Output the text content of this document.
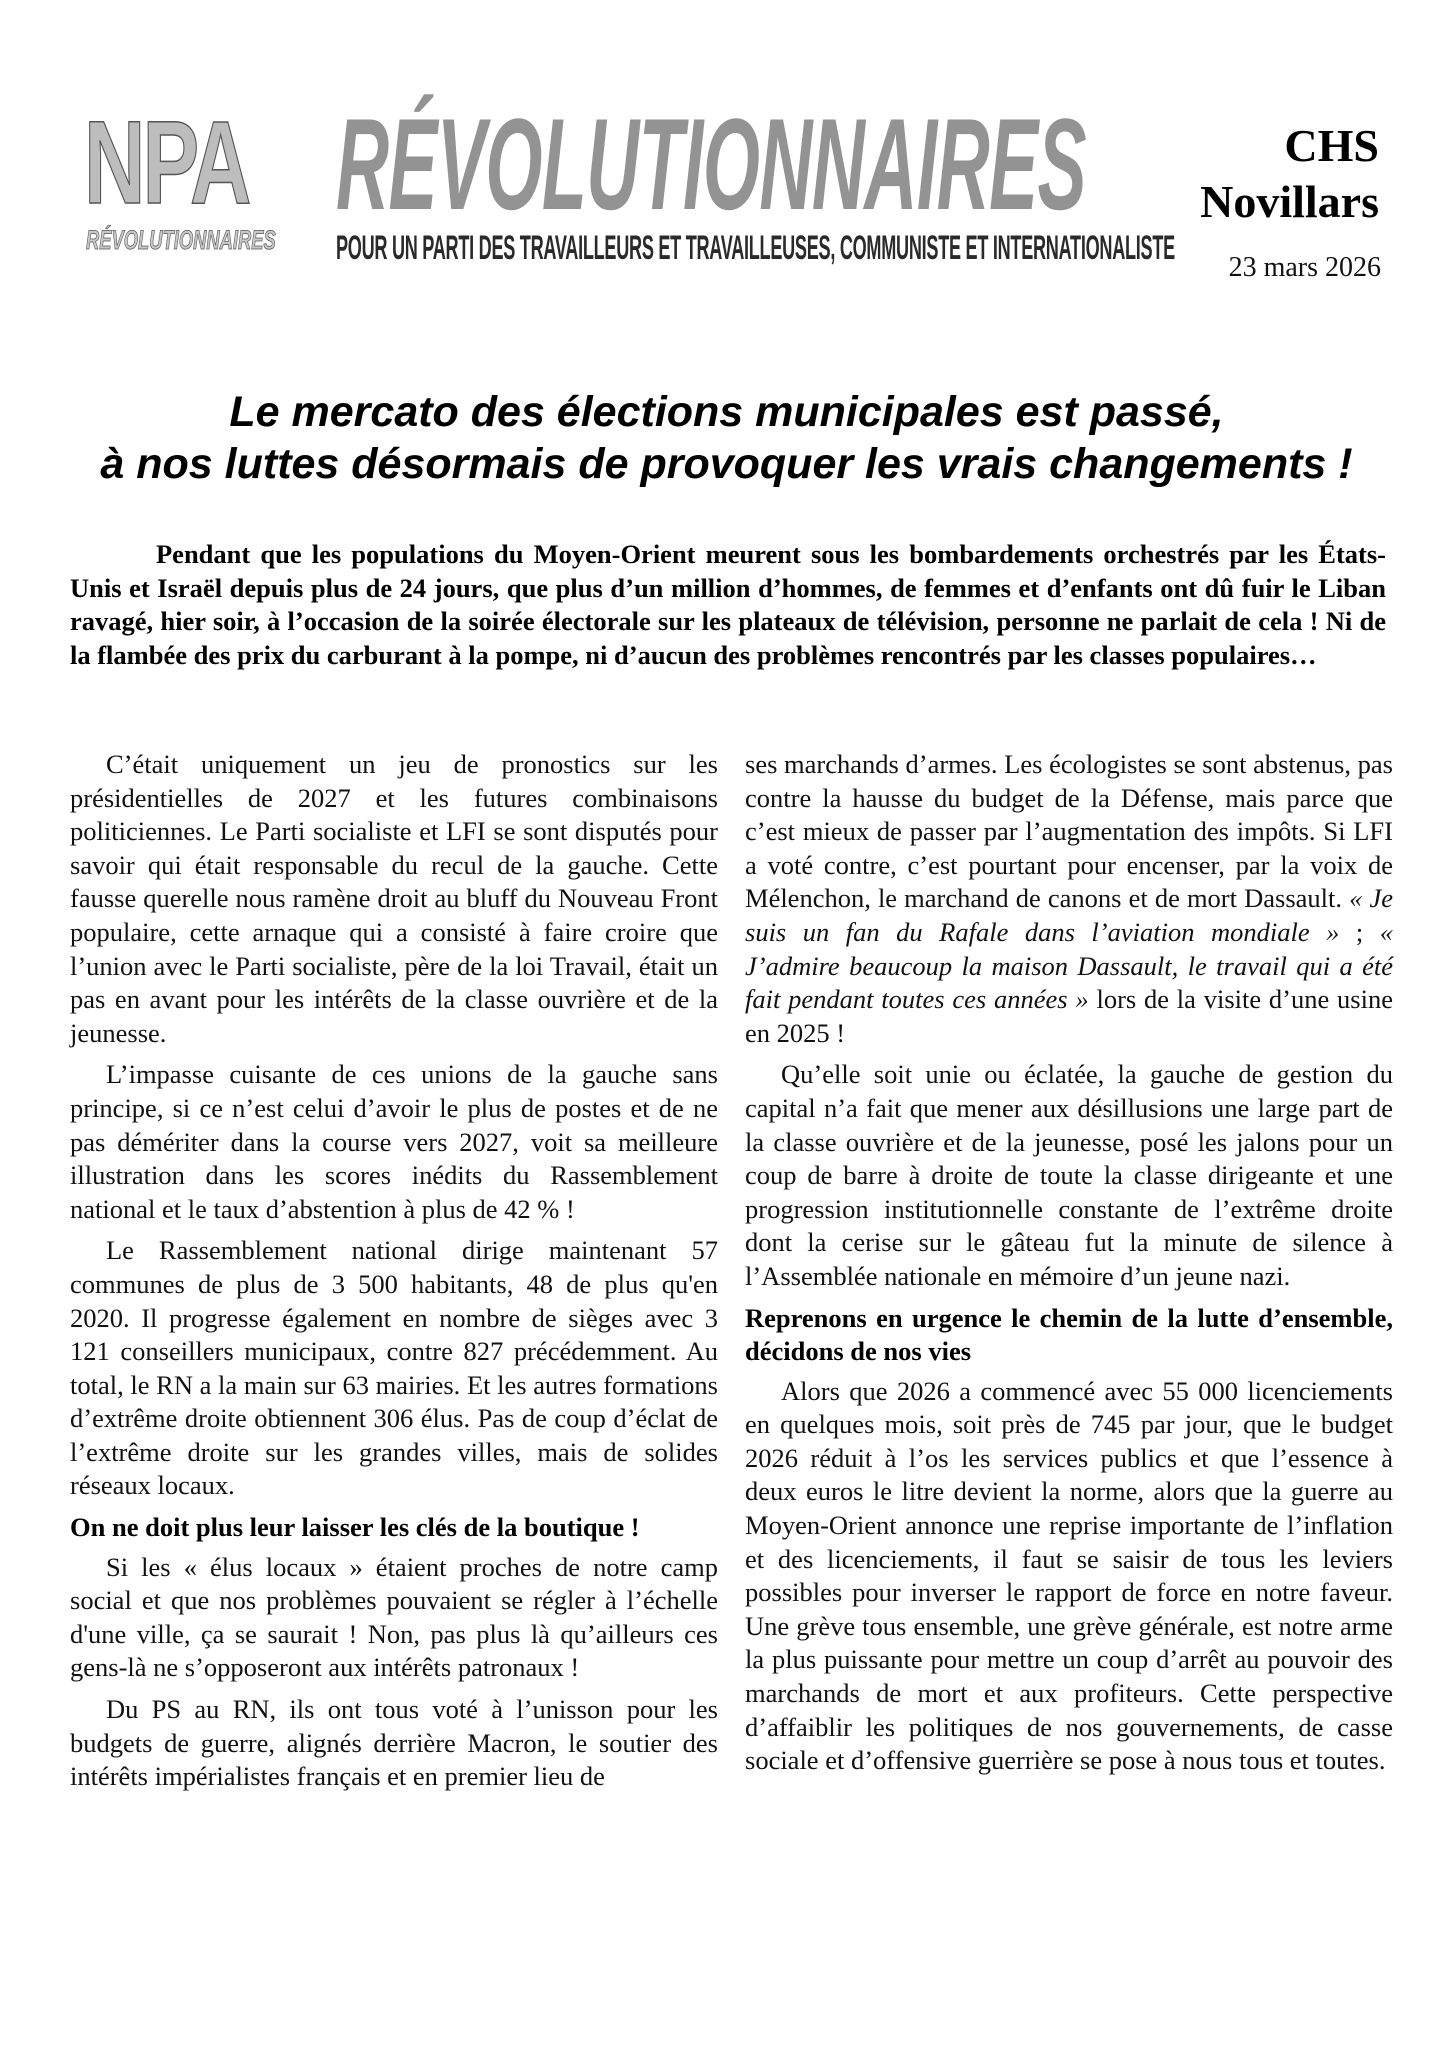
NPA
RÉVOLUTIONNAIRES
RÉVOLUTIONNAIRES
POUR UN PARTI DES TRAVAILLEURS ET TRAVAILLEUSES, COMMUNISTE ET INTERNATIONALISTE
CHS
Novillars
23 mars 2026
Le mercato des élections municipales est passé,
à nos luttes désormais de provoquer les vrais changements !

Pendant que les populations du Moyen-Orient meurent sous les bombardements orchestrés par les États-Unis et Israël depuis plus de 24 jours, que plus d’un million d’hommes, de femmes et d’enfants ont dû fuir le Liban ravagé, hier soir, à l’occasion de la soirée électorale sur les plateaux de télévision, personne ne parlait de cela ! Ni de la flambée des prix du carburant à la pompe, ni d’aucun des problèmes rencontrés par les classes populaires…

C’était uniquement un jeu de pronostics sur les présidentielles de 2027 et les futures combinaisons politiciennes. Le Parti socialiste et LFI se sont disputés pour savoir qui était responsable du recul de la gauche. Cette fausse querelle nous ramène droit au bluff du Nouveau Front populaire, cette arnaque qui a consisté à faire croire que l’union avec le Parti socialiste, père de la loi Travail, était un pas en avant pour les intérêts de la classe ouvrière et de la jeunesse.

L’impasse cuisante de ces unions de la gauche sans principe, si ce n’est celui d’avoir le plus de postes et de ne pas démériter dans la course vers 2027, voit sa meilleure illustration dans les scores inédits du Rassemblement national et le taux d’abstention à plus de 42 % !

Le Rassemblement national dirige maintenant 57 communes de plus de 3 500 habitants, 48 de plus qu'en 2020. Il progresse également en nombre de sièges avec 3 121 conseillers municipaux, contre 827 précédemment. Au total, le RN a la main sur 63 mairies. Et les autres formations d’extrême droite obtiennent 306 élus. Pas de coup d’éclat de l’extrême droite sur les grandes villes, mais de solides réseaux locaux.

On ne doit plus leur laisser les clés de la boutique !

Si les « élus locaux » étaient proches de notre camp social et que nos problèmes pouvaient se régler à l’échelle d'une ville, ça se saurait ! Non, pas plus là qu’ailleurs ces gens-là ne s’opposeront aux intérêts patronaux !

Du PS au RN, ils ont tous voté à l’unisson pour les budgets de guerre, alignés derrière Macron, le soutier des intérêts impérialistes français et en premier lieu de

ses marchands d’armes. Les écologistes se sont abstenus, pas contre la hausse du budget de la Défense, mais parce que c’est mieux de passer par l’augmentation des impôts. Si LFI a voté contre, c’est pourtant pour encenser, par la voix de Mélenchon, le marchand de canons et de mort Dassault. « Je suis un fan du Rafale dans l’aviation mondiale » ; « J’admire beaucoup la maison Dassault, le travail qui a été fait pendant toutes ces années » lors de la visite d’une usine en 2025 !

Qu’elle soit unie ou éclatée, la gauche de gestion du capital n’a fait que mener aux désillusions une large part de la classe ouvrière et de la jeunesse, posé les jalons pour un coup de barre à droite de toute la classe dirigeante et une progression institutionnelle constante de l’extrême droite dont la cerise sur le gâteau fut la minute de silence à l’Assemblée nationale en mémoire d’un jeune nazi.

Reprenons en urgence le chemin de la lutte d’ensemble, décidons de nos vies

Alors que 2026 a commencé avec 55 000 licenciements en quelques mois, soit près de 745 par jour, que le budget 2026 réduit à l’os les services publics et que l’essence à deux euros le litre devient la norme, alors que la guerre au Moyen-Orient annonce une reprise importante de l’inflation et des licenciements, il faut se saisir de tous les leviers possibles pour inverser le rapport de force en notre faveur. Une grève tous ensemble, une grève générale, est notre arme la plus puissante pour mettre un coup d’arrêt au pouvoir des marchands de mort et aux profiteurs. Cette perspective d’affaiblir les politiques de nos gouvernements, de casse sociale et d’offensive guerrière se pose à nous tous et toutes.
